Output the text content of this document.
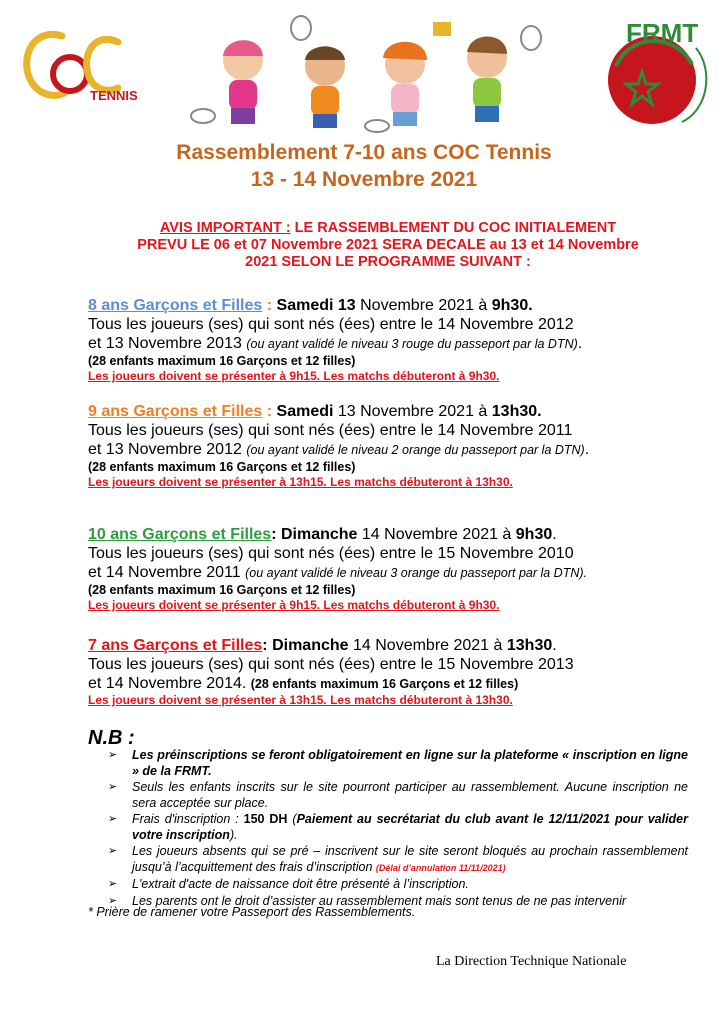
TENNIS
FRMT
Rassemblement 7-10 ans COC Tennis
13 - 14 Novembre 2021
AVIS IMPORTANT : LE RASSEMBLEMENT DU COC INITIALEMENT
PREVU LE 06 et 07 Novembre 2021 SERA DECALE au 13 et 14 Novembre
2021 SELON LE PROGRAMME SUIVANT :
8 ans Garçons et Filles : Samedi 13 Novembre 2021 à 9h30.
Tous les joueurs (ses) qui sont nés (ées) entre le 14 Novembre 2012
et 13 Novembre 2013 (ou ayant validé le niveau 3 rouge du passeport par la DTN).
(28 enfants maximum 16 Garçons et 12 filles)
Les joueurs doivent se présenter à 9h15. Les matchs débuteront à 9h30.
9 ans Garçons et Filles : Samedi 13 Novembre 2021 à 13h30.
Tous les joueurs (ses) qui sont nés (ées) entre le 14 Novembre 2011
et 13 Novembre 2012 (ou ayant validé le niveau 2 orange du passeport par la DTN).
(28 enfants maximum 16 Garçons et 12 filles)
Les joueurs doivent se présenter à 13h15. Les matchs débuteront à 13h30.
10 ans Garçons et Filles: Dimanche 14 Novembre 2021 à 9h30.
Tous les joueurs (ses) qui sont nés (ées) entre le 15 Novembre 2010
et 14 Novembre 2011 (ou ayant validé le niveau 3 orange du passeport par la DTN).
(28 enfants maximum 16 Garçons et 12 filles)
Les joueurs doivent se présenter à 9h15. Les matchs débuteront à 9h30.
7 ans Garçons et Filles: Dimanche 14 Novembre 2021 à 13h30.
Tous les joueurs (ses) qui sont nés (ées) entre le 15 Novembre 2013
et 14 Novembre 2014. (28 enfants maximum 16 Garçons et 12 filles)
Les joueurs doivent se présenter à 13h15. Les matchs débuteront à 13h30.
N.B :
➢ Les préinscriptions se feront obligatoirement en ligne sur la plateforme « inscription en ligne » de la FRMT.
➢ Seuls les enfants inscrits sur le site pourront participer au rassemblement. Aucune inscription ne sera acceptée sur place.
➢ Frais d'inscription : 150 DH (Paiement au secrétariat du club avant le 12/11/2021 pour valider votre inscription).
➢ Les joueurs absents qui se pré – inscrivent sur le site seront bloqués au prochain rassemblement jusqu’à l’acquittement des frais d’inscription (Délai d’annulation 11/11/2021)
➢ L'extrait d'acte de naissance doit être présenté à l’inscription.
➢ Les parents ont le droit d’assister au rassemblement mais sont tenus de ne pas intervenir
* Prière de ramener votre Passeport des Rassemblements.
La Direction Technique Nationale
